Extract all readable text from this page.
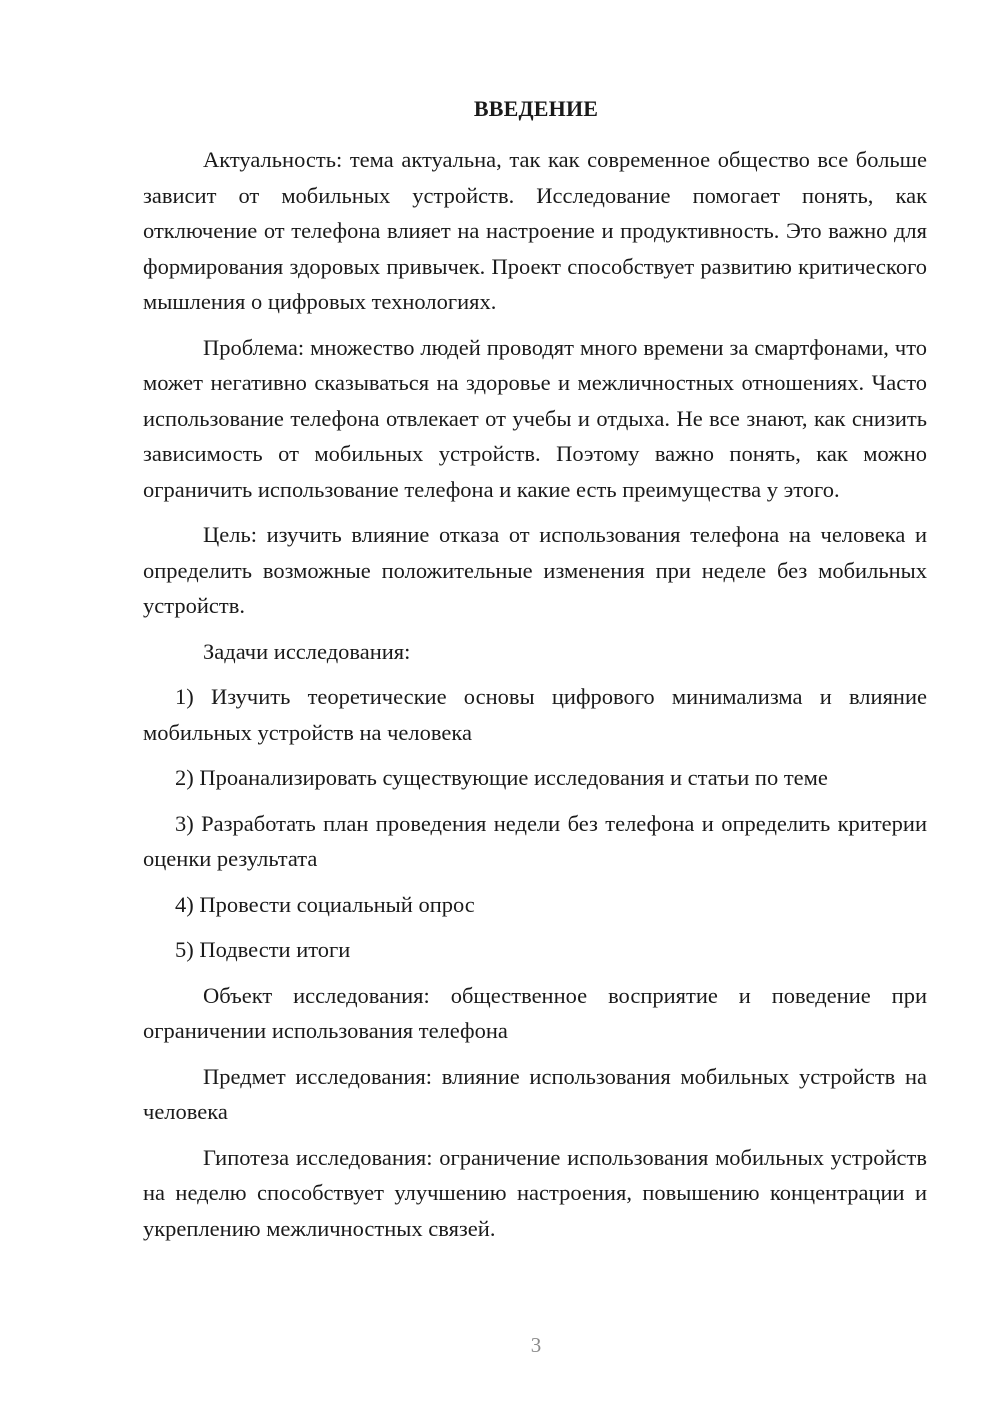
ВВЕДЕНИЕ

Актуальность: тема актуальна, так как современное общество все больше зависит от мобильных устройств. Исследование помогает понять, как отключение от телефона влияет на настроение и продуктивность. Это важно для формирования здоровых привычек. Проект способствует развитию критического мышления о цифровых технологиях.

Проблема: множество людей проводят много времени за смартфонами, что может негативно сказываться на здоровье и межличностных отношениях. Часто использование телефона отвлекает от учебы и отдыха. Не все знают, как снизить зависимость от мобильных устройств. Поэтому важно понять, как можно ограничить использование телефона и какие есть преимущества у этого.

Цель: изучить влияние отказа от использования телефона на человека и определить возможные положительные изменения при неделе без мобильных устройств.

Задачи исследования:

1) Изучить теоретические основы цифрового минимализма и влияние мобильных устройств на человека

2) Проанализировать существующие исследования и статьи по теме

3) Разработать план проведения недели без телефона и определить критерии оценки результата

4) Провести социальный опрос

5) Подвести итоги

Объект исследования: общественное восприятие и поведение при ограничении использования телефона

Предмет исследования: влияние использования мобильных устройств на человека

Гипотеза исследования: ограничение использования мобильных устройств на неделю способствует улучшению настроения, повышению концентрации и укреплению межличностных связей.

3
